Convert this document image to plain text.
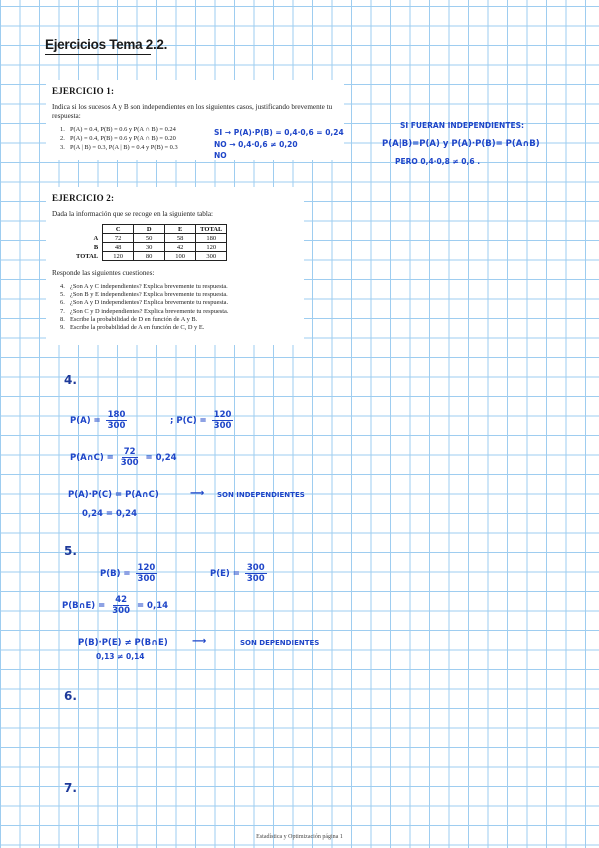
Ejercicios Tema 2.2.
EJERCICIO 1:
Indica si los sucesos A y B son independientes en los siguientes casos, justificando brevemente tu respuesta:
1. P(A) = 0.4, P(B) = 0.6 y P(A ∩ B) = 0.24
2. P(A) = 0.4, P(B) = 0.6 y P(A ∩ B) = 0.20
3. P(A | B) = 0.3, P(A | B) = 0.4 y P(B) = 0.3
SI → P(A)·P(B) = 0,4·0,6 = 0,24
NO → 0,4·0,6 ≠ 0,20
NO
SI FUERAN INDEPENDIENTES:
P(A|B)=P(A) y P(A)·P(B)= P(A∩B)
PERO 0,4·0,8 ≠ 0,6 .
EJERCICIO 2:
Dada la información que se recoge en la siguiente tabla:
	C	D	E	TOTAL
A	72	50	58	180
B	48	30	42	120
TOTAL	120	80	100	300
Responde las siguientes cuestiones:
4. ¿Son A y C independientes? Explica brevemente tu respuesta.
5. ¿Son B y E independientes? Explica brevemente tu respuesta.
6. ¿Son A y D independientes? Explica brevemente tu respuesta.
7. ¿Son C y D independientes? Explica brevemente tu respuesta.
8. Escribe la probabilidad de D en función de A y B.
9. Escribe la probabilidad de A en función de C, D y E.
4.
$P(A) = \frac{180}{300}$	; $P(C) = \frac{120}{300}$
P(A∩C) = $\frac{72}{300} = 0,24$
P(A)·P(C) = P(A∩C)	⟶ SON INDEPENDIENTES
0,24 = 0,24
5.
$P(B) = \frac{120}{300}$	$P(E) = \frac{300}{300}$
P(B∩E) = $\frac{42}{300} = 0,14$
P(B)·P(E) ≠ P(B∩E) ⟶	SON DEPENDIENTES
0,13 ≠ 0,14
6.
7.
Estadística y Optimización página 1
